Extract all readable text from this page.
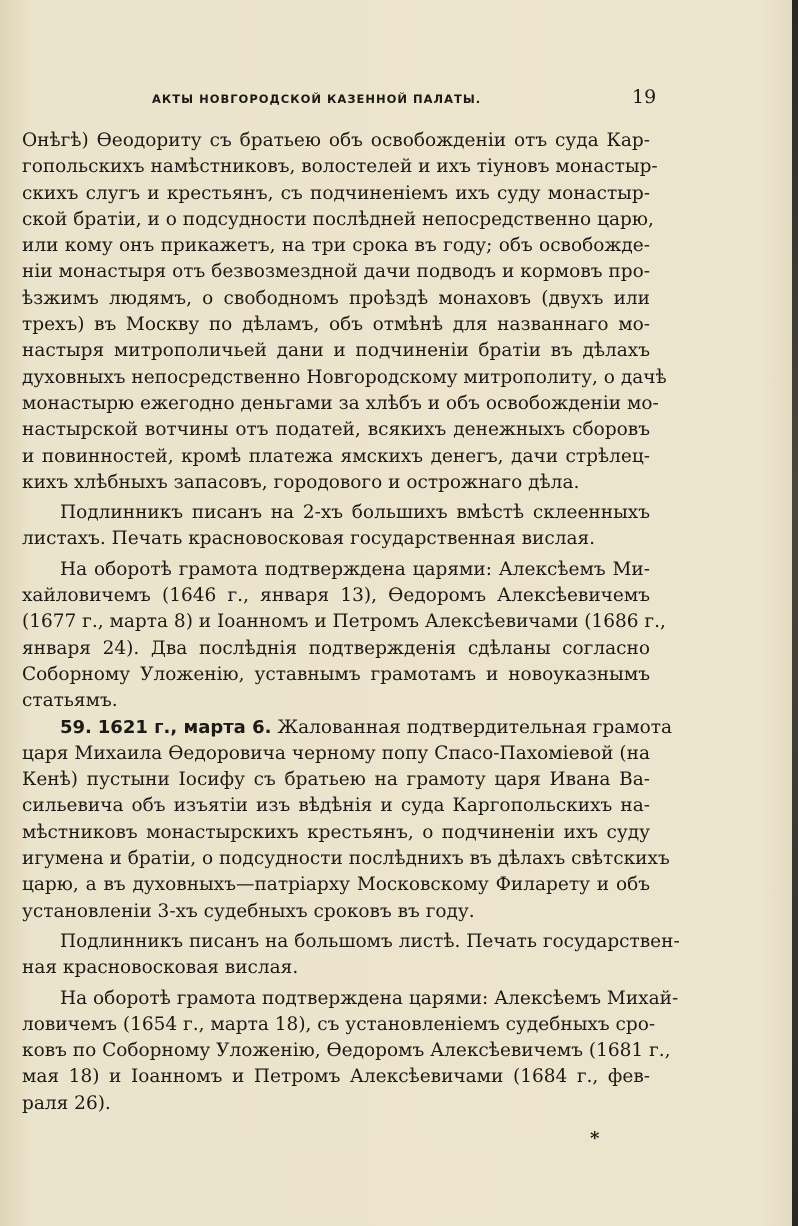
АКТЫ НОВГОРОДСКОЙ КАЗЕННОЙ ПАЛАТЫ.	19
Онѣгѣ) Ѳеодориту съ братьею объ освобожденіи отъ суда Кар-
гопольскихъ намѣстниковъ, волостелей и ихъ тіуновъ монастыр-
скихъ слугъ и крестьянъ, съ подчиненіемъ ихъ суду монастыр-
ской братіи, и о подсудности послѣдней непосредственно царю,
или кому онъ прикажетъ, на три срока въ году; объ освобожде-
ніи монастыря отъ безвозмездной дачи подводъ и кормовъ про-
ѣзжимъ людямъ, о свободномъ проѣздѣ монаховъ (двухъ или
трехъ) въ Москву по дѣламъ, объ отмѣнѣ для названнаго мо-
настыря митрополичьей дани и подчиненіи братіи въ дѣлахъ
духовныхъ непосредственно Новгородскому митрополиту, о дачѣ
монастырю ежегодно деньгами за хлѣбъ и объ освобожденіи мо-
настырской вотчины отъ податей, всякихъ денежныхъ сборовъ
и повинностей, кромѣ платежа ямскихъ денегъ, дачи стрѣлец-
кихъ хлѣбныхъ запасовъ, городового и острожнаго дѣла.
Подлинникъ писанъ на 2-хъ большихъ вмѣстѣ склеенныхъ
листахъ. Печать красновосковая государственная вислая.
На оборотѣ грамота подтверждена царями: Алексѣемъ Ми-
хайловичемъ (1646 г., января 13), Ѳедоромъ Алексѣевичемъ
(1677 г., марта 8) и Іоанномъ и Петромъ Алексѣевичами (1686 г.,
января 24). Два послѣднія подтвержденія сдѣланы согласно
Соборному Уложенію, уставнымъ грамотамъ и новоуказнымъ
статьямъ.
59. 1621 г., марта 6. Жалованная подтвердительная грамота
царя Михаила Ѳедоровича черному попу Спасо-Пахоміевой (на
Кенѣ) пустыни Іосифу съ братьею на грамоту царя Ивана Ва-
сильевича объ изъятіи изъ вѣдѣнія и суда Каргопольскихъ на-
мѣстниковъ монастырскихъ крестьянъ, о подчиненіи ихъ суду
игумена и братіи, о подсудности послѣднихъ въ дѣлахъ свѣтскихъ
царю, а въ духовныхъ—патріарху Московскому Филарету и объ
установленіи 3-хъ судебныхъ сроковъ въ году.
Подлинникъ писанъ на большомъ листѣ. Печать государствен-
ная красновосковая вислая.
На оборотѣ грамота подтверждена царями: Алексѣемъ Михай-
ловичемъ (1654 г., марта 18), съ установленіемъ судебныхъ сро-
ковъ по Соборному Уложенію, Ѳедоромъ Алексѣевичемъ (1681 г.,
мая 18) и Іоанномъ и Петромъ Алексѣевичами (1684 г., фев-
раля 26).
*
